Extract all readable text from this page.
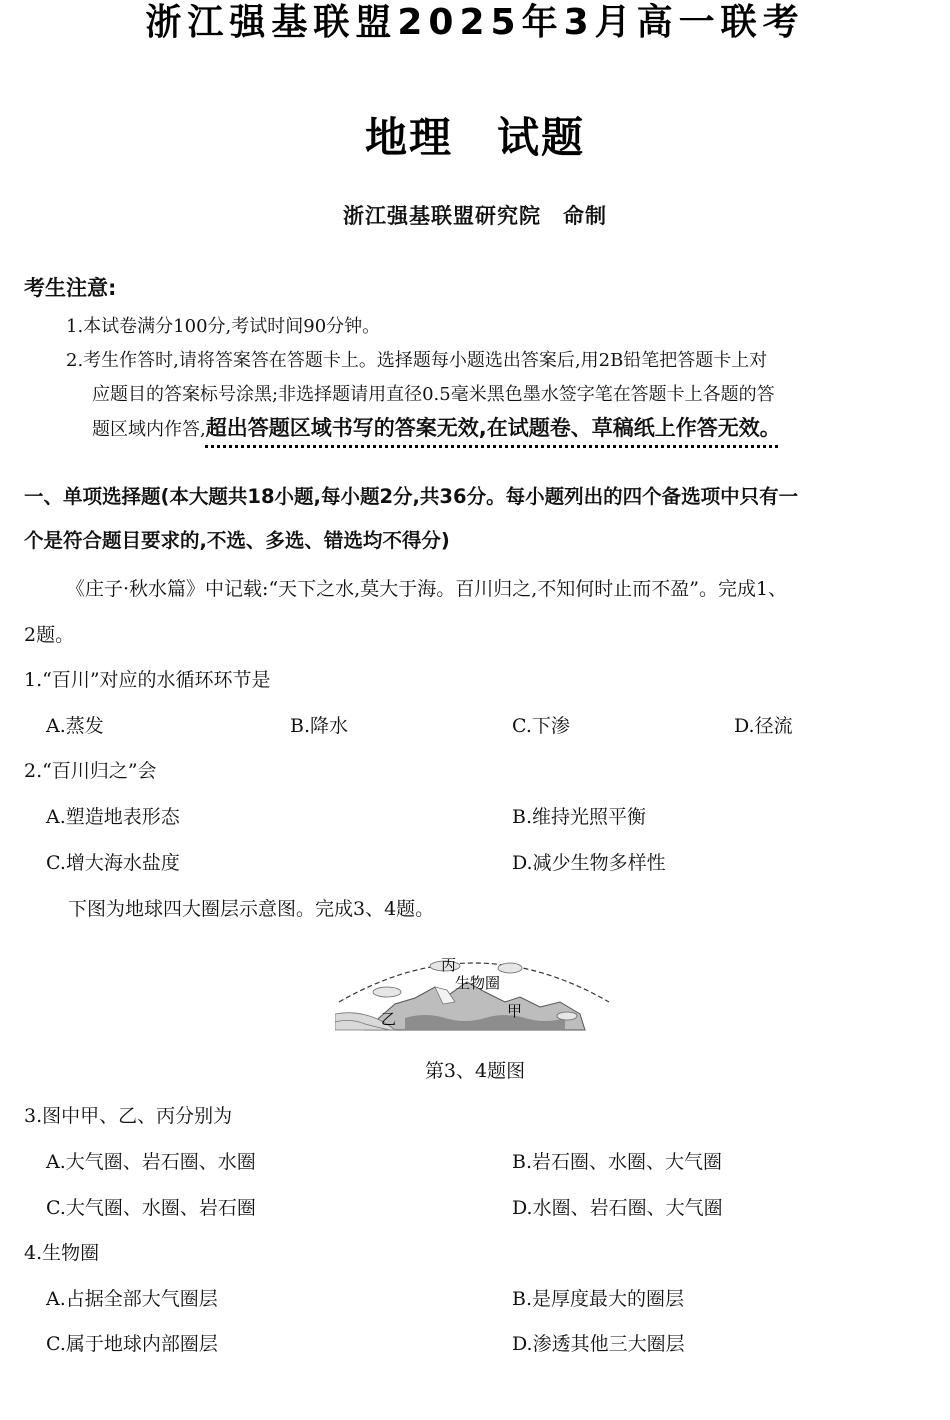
浙江强基联盟2025年3月高一联考
地理　试题
浙江强基联盟研究院　命制
考生注意:
1.本试卷满分100分,考试时间90分钟。
2.考生作答时,请将答案答在答题卡上。选择题每小题选出答案后,用2B铅笔把答题卡上对
应题目的答案标号涂黑;非选择题请用直径0.5毫米黑色墨水签字笔在答题卡上各题的答
题区域内作答,超出答题区域书写的答案无效,在试题卷、草稿纸上作答无效。
一、单项选择题(本大题共18小题,每小题2分,共36分。每小题列出的四个备选项中只有一
个是符合题目要求的,不选、多选、错选均不得分)
《庄子·秋水篇》中记载:“天下之水,莫大于海。百川归之,不知何时止而不盈”。完成1、
2题。
1.“百川”对应的水循环环节是
A.蒸发	B.降水	C.下渗	D.径流
2.“百川归之”会
A.塑造地表形态	B.维持光照平衡
C.增大海水盐度	D.减少生物多样性
下图为地球四大圈层示意图。完成3、4题。
丙
生物圈
乙	甲
第3、4题图
3.图中甲、乙、丙分别为
A.大气圈、岩石圈、水圈	B.岩石圈、水圈、大气圈
C.大气圈、水圈、岩石圈	D.水圈、岩石圈、大气圈
4.生物圈
A.占据全部大气圈层	B.是厚度最大的圈层
C.属于地球内部圈层	D.渗透其他三大圈层
